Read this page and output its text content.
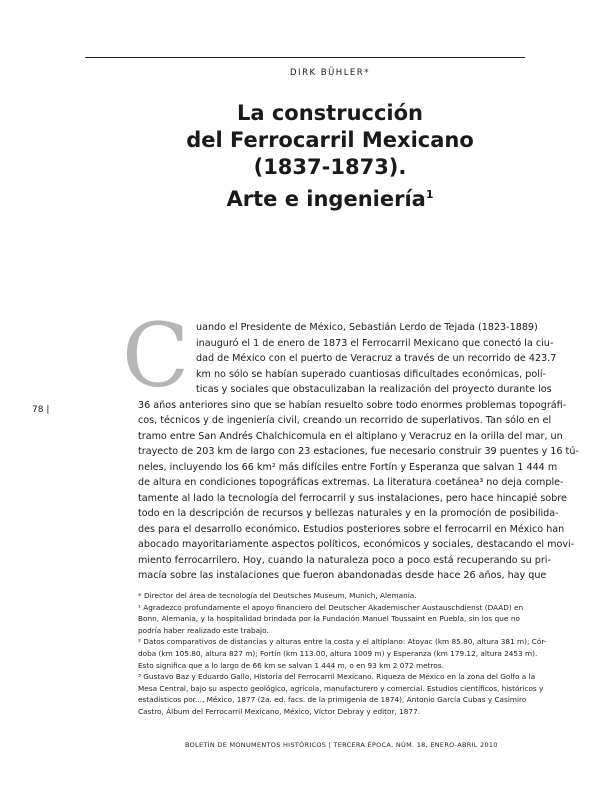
DIRK BÜHLER*
La construcción
del Ferrocarril Mexicano
(1837-1873).
Arte e ingeniería$^1$
C
78 |
uando el Presidente de México, Sebastián Lerdo de Tejada (1823-1889)
inauguró el 1 de enero de 1873 el Ferrocarril Mexicano que conectó la ciu-
dad de México con el puerto de Veracruz a través de un recorrido de 423.7
km no sólo se habían superado cuantiosas dificultades económicas, polí-
ticas y sociales que obstaculizaban la realización del proyecto durante los
36 años anteriores sino que se habían resuelto sobre todo enormes problemas topográfi-
cos, técnicos y de ingeniería civil, creando un recorrido de superlativos. Tan sólo en el
tramo entre San Andrés Chalchicomula en el altiplano y Veracruz en la orilla del mar, un
trayecto de 203 km de largo con 23 estaciones, fue necesario construir 39 puentes y 16 tú-
neles, incluyendo los 66 km² más difíciles entre Fortín y Esperanza que salvan 1 444 m
de altura en condiciones topográficas extremas. La literatura coetánea³ no deja comple-
tamente al lado la tecnología del ferrocarril y sus instalaciones, pero hace hincapié sobre
todo en la descripción de recursos y bellezas naturales y en la promoción de posibilida-
des para el desarrollo económico. Estudios posteriores sobre el ferrocarril en México han
abocado mayoritariamente aspectos políticos, económicos y sociales, destacando el movi-
miento ferrocarrilero. Hoy, cuando la naturaleza poco a poco está recuperando su pri-
macía sobre las instalaciones que fueron abandonadas desde hace 26 años, hay que
* Director del área de tecnología del Deutsches Museum, Munich, Alemania.
¹ Agradezco profundamente el apoyo financiero del Deutscher Akademischer Austauschdienst (DAAD) en
Bonn, Alemania, y la hospitalidad brindada por la Fundación Manuel Toussaint en Puebla, sin los que no
podría haber realizado este trabajo.
² Datos comparativos de distancias y alturas entre la costa y el altiplano: Atoyac (km 85.80, altura 381 m); Cór-
doba (km 105.80, altura 827 m); Fortín (km 113.00, altura 1009 m) y Esperanza (km 179.12, altura 2453 m).
Esto significa que a lo largo de 66 km se salvan 1 444 m, o en 93 km 2 072 metros.
³ Gustavo Baz y Eduardo Gallo, Historia del Ferrocarril Mexicano. Riqueza de México en la zona del Golfo a la
Mesa Central, bajo su aspecto geológico, agrícola, manufacturero y comercial. Estudios científicos, históricos y
estadísticos por..., México, 1877 (2a. ed. facs. de la primigenia de 1874); Antonio García Cubas y Casimiro
Castro, Álbum del Ferrocarril Mexicano, México, Víctor Debray y editor, 1877.
BOLETÍN DE MONUMENTOS HISTÓRICOS | TERCERA ÉPOCA, NÚM. 18, ENERO-ABRIL 2010
